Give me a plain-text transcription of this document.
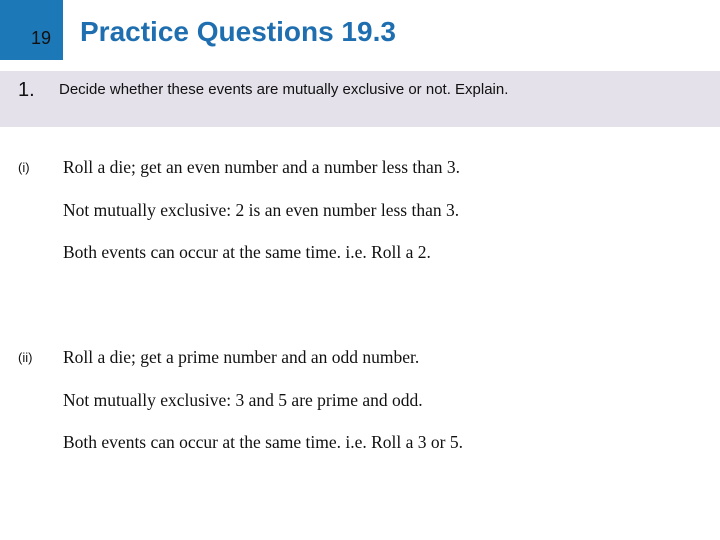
19 Practice Questions 19.3
1. Decide whether these events are mutually exclusive or not. Explain.
(i) Roll a die; get an even number and a number less than 3.
Not mutually exclusive: 2 is an even number less than 3.
Both events can occur at the same time. i.e. Roll a 2.
(ii) Roll a die; get a prime number and an odd number.
Not mutually exclusive: 3 and 5 are prime and odd.
Both events can occur at the same time. i.e. Roll a 3 or 5.
